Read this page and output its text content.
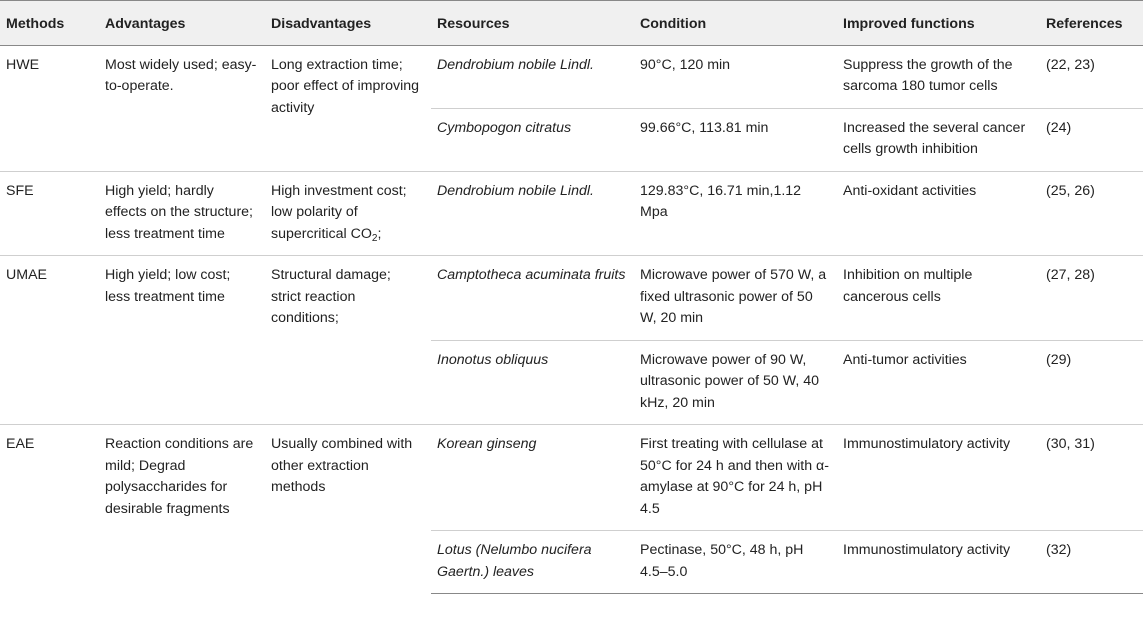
Methods	Advantages	Disadvantages	Resources	Condition	Improved functions	References
HWE	Most widely used; easy-to-operate.	Long extraction time; poor effect of improving activity	Dendrobium nobile Lindl.	90°C, 120 min	Suppress the growth of the sarcoma 180 tumor cells	(22, 23)
			Cymbopogon citratus	99.66°C, 113.81 min	Increased the several cancer cells growth inhibition	(24)
SFE	High yield; hardly effects on the structure; less treatment time	High investment cost; low polarity of supercritical $CO_2$;	Dendrobium nobile Lindl.	129.83°C, 16.71 min,1.12 Mpa	Anti-oxidant activities	(25, 26)
UMAE	High yield; low cost; less treatment time	Structural damage; strict reaction conditions;	Camptotheca acuminata fruits	Microwave power of 570 W, a fixed ultrasonic power of 50 W, 20 min	Inhibition on multiple cancerous cells	(27, 28)
			Inonotus obliquus	Microwave power of 90 W, ultrasonic power of 50 W, 40 kHz, 20 min	Anti-tumor activities	(29)
EAE	Reaction conditions are mild; Degrad polysaccharides for desirable fragments	Usually combined with other extraction methods	Korean ginseng	First treating with cellulase at 50°C for 24 h and then with α-amylase at 90°C for 24 h, pH 4.5	Immunostimulatory activity	(30, 31)
			Lotus (Nelumbo nucifera Gaertn.) leaves	Pectinase, 50°C, 48 h, pH 4.5–5.0	Immunostimulatory activity	(32)
